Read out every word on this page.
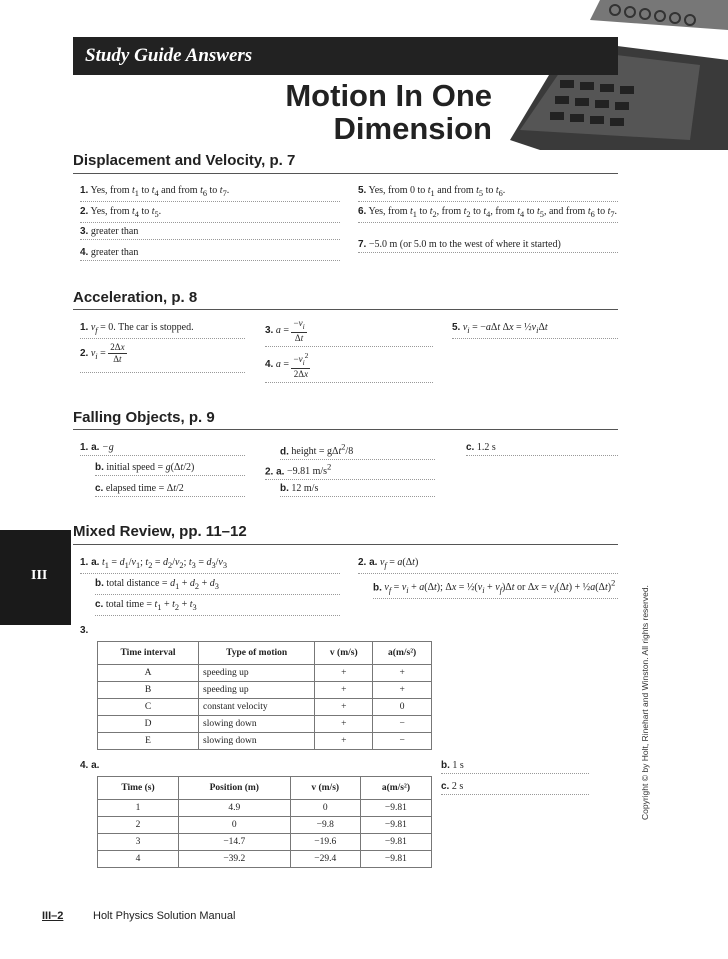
Study Guide Answers
Motion In One
Dimension
Displacement and Velocity, p. 7
1. Yes, from $t_1$ to $t_4$ and from $t_6$ to $t_7$.
2. Yes, from $t_4$ to $t_5$.
3. greater than
4. greater than
5. Yes, from 0 to $t_1$ and from $t_5$ to $t_6$.
6. Yes, from $t_1$ to $t_2$, from $t_2$ to $t_4$, from $t_4$ to $t_5$, and from $t_6$ to $t_7$.
7. −5.0 m (or 5.0 m to the west of where it started)
Acceleration, p. 8
1. $v_f = 0$. The car is stopped.
2. $v_i = \frac{2\Delta x}{\Delta t}$
3. $a = \frac{-v_i}{\Delta t}$
4. $a = \frac{-v_i^2}{2\Delta x}$
5. $v_i = -a\Delta t$ $\Delta x = \frac{1}{2}v_i\Delta t$
Falling Objects, p. 9
1. a. −g
b. initial speed = g(Δt/2)
c. elapsed time = Δt/2
d. height = gΔt$^2$/8
2. a. −9.81 $m/s^2$
b. 12 m/s
c. 1.2 s
III
Mixed Review, pp. 11–12
1. a. $t_1 = d_1/v_1$; $t_2 = d_2/v_2$; $t_3 = d_3/v_3$
b. total distance = $d_1 + d_2 + d_3$
c. total time = $t_1 + t_2 + t_3$
2. a. $v_f = a(\Delta t)$
b. $v_f = v_i + a(\Delta t)$; $\Delta x = \frac{1}{2}(v_i + v_f)\Delta t$ or $\Delta x = v_i(\Delta t)$ + $\frac{1}{2}a(\Delta t)^2$
3.
Time interval	Type of motion	v (m/s)	a(m/s²)
A	speeding up	+	+
B	speeding up	+	+
C	constant velocity	+	0
D	slowing down	+	−
E	slowing down	+	−
4. a.
Time (s)	Position (m)	v (m/s)	a(m/s²)
1	4.9	0	−9.81
2	0	−9.8	−9.81
3	−14.7	−19.6	−9.81
4	−39.2	−29.4	−9.81
b. 1 s
c. 2 s	Copyright © by Holt, Rinehart and Winston. All rights reserved.
III–2	Holt Physics Solution Manual
